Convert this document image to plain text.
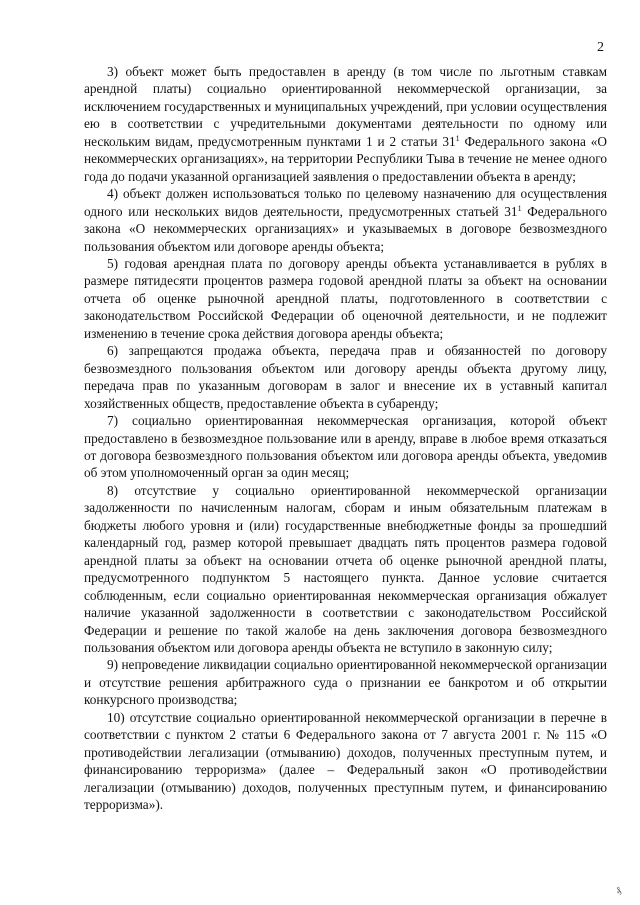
2

3) объект может быть предоставлен в аренду (в том числе по льготным ставкам арендной платы) социально ориентированной некоммерческой организации, за исключением государственных и муниципальных учреждений, при условии осуществления ею в соответствии с учредительными документами деятельности по одному или нескольким видам, предусмотренным пунктами 1 и 2 статьи $31^1$ Федерального закона «О некоммерческих организациях», на территории Республики Тыва в течение не менее одного года до подачи указанной организацией заявления о предоставлении объекта в аренду;

4) объект должен использоваться только по целевому назначению для осуществления одного или нескольких видов деятельности, предусмотренных статьей $31^1$ Федерального закона «О некоммерческих организациях» и указываемых в договоре безвозмездного пользования объектом или договоре аренды объекта;

5) годовая арендная плата по договору аренды объекта устанавливается в рублях в размере пятидесяти процентов размера годовой арендной платы за объект на основании отчета об оценке рыночной арендной платы, подготовленного в соответствии с законодательством Российской Федерации об оценочной деятельности, и не подлежит изменению в течение срока действия договора аренды объекта;

6) запрещаются продажа объекта, передача прав и обязанностей по договору безвозмездного пользования объектом или договору аренды объекта другому лицу, передача прав по указанным договорам в залог и внесение их в уставный капитал хозяйственных обществ, предоставление объекта в субаренду;

7) социально ориентированная некоммерческая организация, которой объект предоставлено в безвозмездное пользование или в аренду, вправе в любое время отказаться от договора безвозмездного пользования объектом или договора аренды объекта, уведомив об этом уполномоченный орган за один месяц;

8) отсутствие у социально ориентированной некоммерческой организации задолженности по начисленным налогам, сборам и иным обязательным платежам в бюджеты любого уровня и (или) государственные внебюджетные фонды за прошедший календарный год, размер которой превышает двадцать пять процентов размера годовой арендной платы за объект на основании отчета об оценке рыночной арендной платы, предусмотренного подпунктом 5 настоящего пункта. Данное условие считается соблюденным, если социально ориентированная некоммерческая организация обжалует наличие указанной задолженности в соответствии с законодательством Российской Федерации и решение по такой жалобе на день заключения договора безвозмездного пользования объектом или договора аренды объекта не вступило в законную силу;

9) непроведение ликвидации социально ориентированной некоммерческой организации и отсутствие решения арбитражного суда о признании ее банкротом и об открытии конкурсного производства;

10) отсутствие социально ориентированной некоммерческой организации в перечне в соответствии с пунктом 2 статьи 6 Федерального закона от 7 августа 2001 г. № 115 «О противодействии легализации (отмыванию) доходов, полученных преступным путем, и финансированию терроризма» (далее – Федеральный закон «О противодействии легализации (отмыванию) доходов, полученных преступным путем, и финансированию терроризма»).

₰
